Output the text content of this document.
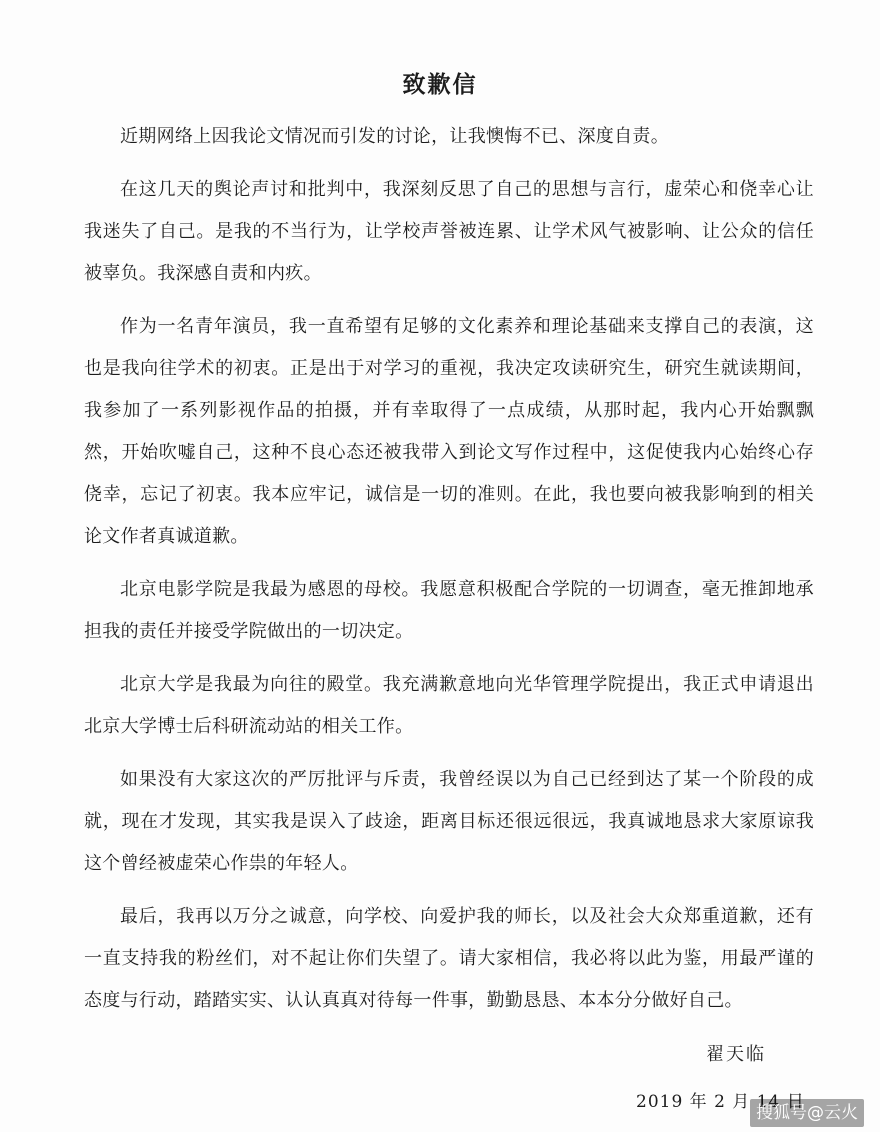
致歉信

近期网络上因我论文情况而引发的讨论，让我懊悔不已、深度自责。

在这几天的舆论声讨和批判中，我深刻反思了自己的思想与言行，虚荣心和侥幸心让我迷失了自己。是我的不当行为，让学校声誉被连累、让学术风气被影响、让公众的信任被辜负。我深感自责和内疚。

作为一名青年演员，我一直希望有足够的文化素养和理论基础来支撑自己的表演，这也是我向往学术的初衷。正是出于对学习的重视，我决定攻读研究生，研究生就读期间，我参加了一系列影视作品的拍摄，并有幸取得了一点成绩，从那时起，我内心开始飘飘然，开始吹嘘自己，这种不良心态还被我带入到论文写作过程中，这促使我内心始终心存侥幸，忘记了初衷。我本应牢记，诚信是一切的准则。在此，我也要向被我影响到的相关论文作者真诚道歉。

北京电影学院是我最为感恩的母校。我愿意积极配合学院的一切调查，毫无推卸地承担我的责任并接受学院做出的一切决定。

北京大学是我最为向往的殿堂。我充满歉意地向光华管理学院提出，我正式申请退出北京大学博士后科研流动站的相关工作。

如果没有大家这次的严厉批评与斥责，我曾经误以为自己已经到达了某一个阶段的成就，现在才发现，其实我是误入了歧途，距离目标还很远很远，我真诚地恳求大家原谅我这个曾经被虚荣心作祟的年轻人。

最后，我再以万分之诚意，向学校、向爱护我的师长，以及社会大众郑重道歉，还有一直支持我的粉丝们，对不起让你们失望了。请大家相信，我必将以此为鉴，用最严谨的态度与行动，踏踏实实、认认真真对待每一件事，勤勤恳恳、本本分分做好自己。

翟天临
2019 年 2 月 14 日
搜狐号@云火
